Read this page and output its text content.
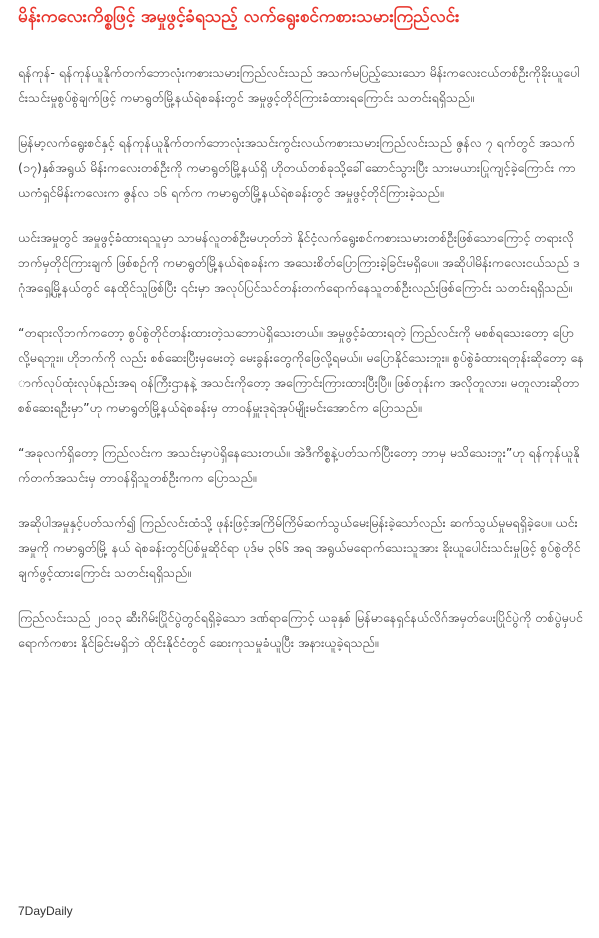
မိန်းကလေးကိစ္စဖြင့် အမှုဖွင့်ခံရသည့် လက်ရွေးစင်ကစားသမားကြည်လင်း

ရန်ကုန်- ရန်ကုန်ယူနိုက်တက်ဘောလုံးကစားသမားကြည်လင်းသည် အသက်မပြည့်သေးသော မိန်းကလေးငယ်တစ်ဦးကိုခိုးယူပေါင်းသင်းမှုစွပ်စွဲချက်ဖြင့် ကမာရွတ်မြို့နယ်ရဲစခန်းတွင် အမှုဖွင့်တိုင်ကြားခံထားရကြောင်း သတင်းရရှိသည်။

မြန်မာ့လက်ရွေးစင်နှင့် ရန်ကုန်ယူနိုက်တက်ဘောလုံးအသင်းကွင်းလယ်ကစားသမားကြည်လင်းသည် ဇွန်လ ၇ ရက်တွင် အသက် (၁၇)နှစ်အရွယ် မိန်းကလေးတစ်ဦးကို ကမာရွတ်မြို့နယ်ရှိ ဟိုတယ်တစ်ခုသို့ခေါ်ဆောင်သွားပြီး သားမယားပြုကျင့်ခဲ့ကြောင်း ကာယကံရှင်မိန်းကလေးက ဇွန်လ ၁၆ ရက်က ကမာရွတ်မြို့နယ်ရဲစခန်းတွင် အမှုဖွင့်တိုင်ကြားခဲ့သည်။

ယင်းအမှုတွင် အမှုဖွင့်ခံထားရသူမှာ သာမန်လူတစ်ဦးမဟုတ်ဘဲ နိုင်ငံ့လက်ရွေးစင်ကစားသမားတစ်ဦးဖြစ်သောကြောင့် တရားလိုဘက်မှတိုင်ကြားချက် ဖြစ်စဉ်ကို ကမာရွတ်မြို့နယ်ရဲစခန်းက အသေးစိတ်ပြောကြားခဲ့ခြင်းမရှိပေ။ အဆိုပါမိန်းကလေးငယ်သည် ဒဂုံအရှေ့မြို့နယ်တွင် နေထိုင်သူဖြစ်ပြီး ၎င်းမှာ အလုပ်ပြင်သင်တန်းတက်ရောက်နေသူတစ်ဦးလည်းဖြစ်ကြောင်း သတင်းရရှိသည်။

“တရားလိုဘက်ကတော့ စွပ်စွဲတိုင်တန်းထားတဲ့သဘောပဲရှိသေးတယ်။ အမှုဖွင့်ခံထားရတဲ့ ကြည်လင်းကို မစစ်ရသေးတော့ ပြောလို့မရဘူး။ ဟိုဘက်ကို လည်း စစ်ဆေးပြီးမှမေးတဲ့ မေးခွန်းတွေကိုဖြေလို့ရမယ်။ မပြောနိုင်သေးဘူး။ စွပ်စွဲခံထားရတုန်းဆိုတော့ နောက်လုပ်ထုံးလုပ်နည်းအရ ဝန်ကြီးဌာနနဲ့ အသင်းကိုတော့ အကြောင်းကြားထားပြီးပြီ။ ဖြစ်တုန်းက အလိုတူလား၊ မတူလားဆိုတာ စစ်ဆေးရဦးမှာ”ဟု ကမာရွတ်မြို့နယ်ရဲစခန်းမှ တာဝန်မှူးဒုရဲအုပ်မျိုးမင်းအောင်က ပြောသည်။

“အခုလက်ရှိတော့ ကြည်လင်းက အသင်းမှာပဲရှိနေသေးတယ်။ အဲဒီကိစ္စနဲ့ပတ်သက်ပြီးတော့ ဘာမှ မသိသေးဘူး”ဟု ရန်ကုန်ယူနိုက်တက်အသင်းမှ တာဝန်ရှိသူတစ်ဦးကက ပြောသည်။

အဆိုပါအမှုနှင့်ပတ်သက်၍ ကြည်လင်းထံသို့ ဖုန်းဖြင့်အကြိမ်ကြိမ်ဆက်သွယ်မေးမြန်းခဲ့သော်လည်း ဆက်သွယ်မှုမရရှိခဲ့ပေ။ ယင်းအမှုကို ကမာရွတ်မြို့ နယ် ရဲစခန်းတွင်ပြစ်မှုဆိုင်ရာ ပုဒ်မ ၃၆၆ အရ အရွယ်မရောက်သေးသူအား ခိုးယူပေါင်းသင်းမှုဖြင့် စွပ်စွဲတိုင်ချက်ဖွင့်ထားကြောင်း သတင်းရရှိသည်။

ကြည်လင်းသည် ၂၀၁၃ ဆီးဂိမ်းပြိုင်ပွဲတွင်ရရှိခဲ့သော ဒဏ်ရာကြောင့် ယခုနှစ် မြန်မာနေရှင်နယ်လိဂ်အမှတ်ပေးပြိုင်ပွဲကို တစ်ပွဲမှပင်ရောက်ကစား နိုင်ခြင်းမရှိဘဲ ထိုင်းနိုင်ငံတွင် ဆေးကုသမှုခံယူပြီး အနားယူခဲ့ရသည်။

7DayDaily
